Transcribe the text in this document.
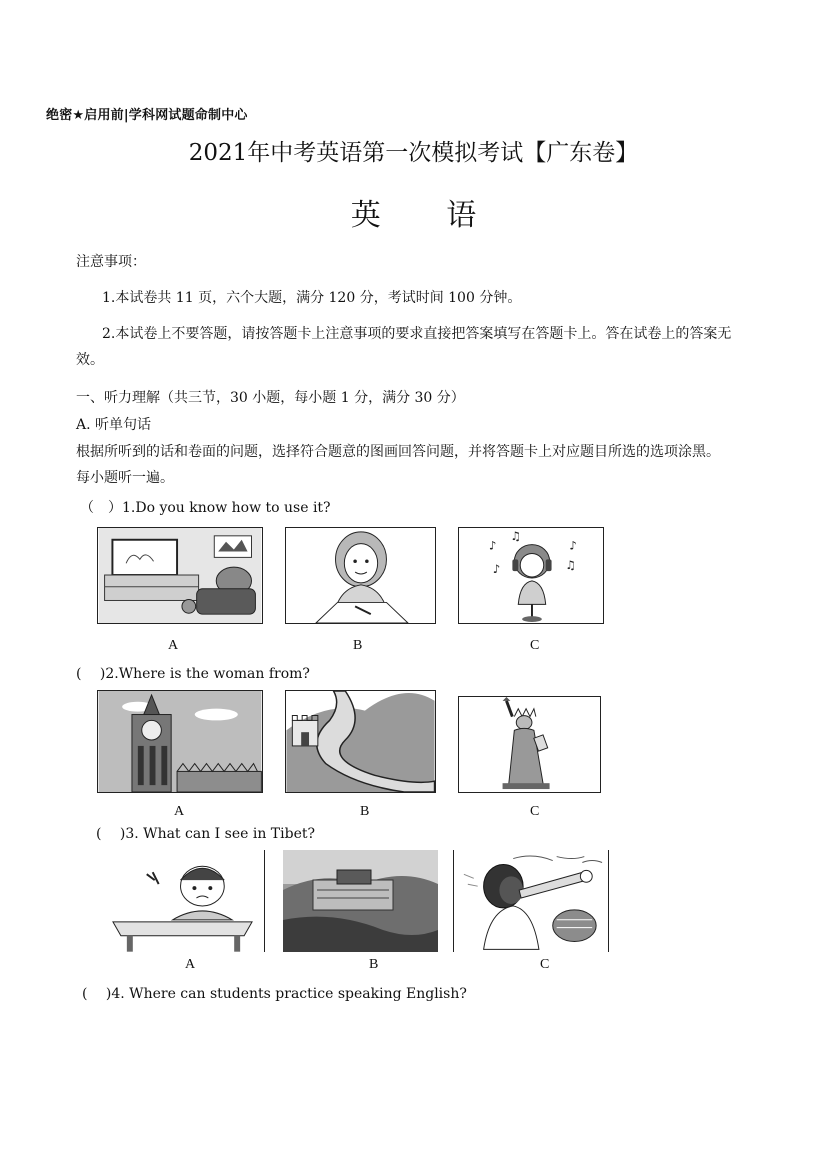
绝密★启用前|学科网试题命制中心
2021年中考英语第一次模拟考试【广东卷】
英 语
注意事项：
1.本试卷共 11 页，六个大题，满分 120 分，考试时间 100 分钟。
2.本试卷上不要答题，请按答题卡上注意事项的要求直接把答案填写在答题卡上。答在试卷上的答案无
效。
一、听力理解（共三节，30 小题，每小题 1 分，满分 30 分）
A. 听单句话
根据所听到的话和卷面的问题，选择符合题意的图画回答问题，并将答题卡上对应题目所选的选项涂黑。
每小题听一遍。
（　）1.Do you know how to use it?
♪
♫
♪
♫
♪
A	B	C
(　 )2.Where is the woman from?
A	B	C
(　 )3. What can I see in Tibet?
A	B	C
(　 )4. Where can students practice speaking English?
